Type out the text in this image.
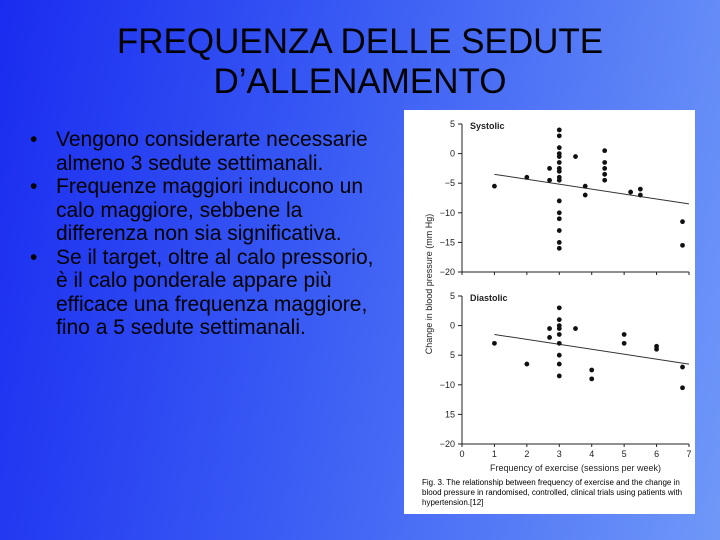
FREQUENZA DELLE SEDUTE
D’ALLENAMENTO
• Vengono considerarte necessarie almeno 3 sedute settimanali.
• Frequenze maggiori inducono un calo maggiore, sebbene la differenza non sia significativa.
• Se il target, oltre al calo pressorio, è il calo ponderale appare più efficace una frequenza maggiore, fino a 5 sedute settimanali.
5
0
−5
−10
−15
−20
Systolic
5
0
5
−10
15
−20
0	1	2	3	4	5	6	7
Diastolic
Frequency of exercise (sessions per week)
Change in blood pressure (mm Hg)
Fig. 3. The relationship between frequency of exercise and the change in blood pressure in randomised, controlled, clinical trials using patients with hypertension.[12]
